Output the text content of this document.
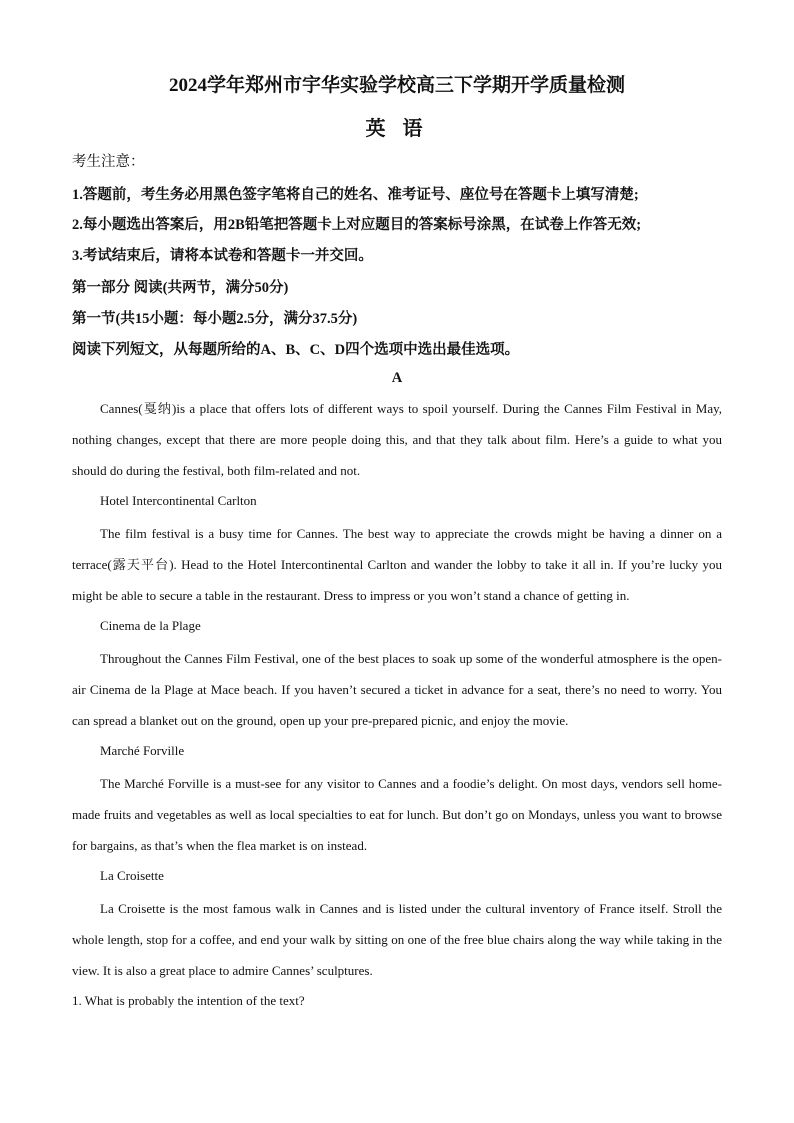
2024学年郑州市宇华实验学校高三下学期开学质量检测
英 语
考生注意：
1.答题前，考生务必用黑色签字笔将自己的姓名、准考证号、座位号在答题卡上填写清楚;
2.每小题选出答案后，用2B铅笔把答题卡上对应题目的答案标号涂黑，在试卷上作答无效;
3.考试结束后，请将本试卷和答题卡一并交回。
第一部分 阅读(共两节，满分50分)
第一节(共15小题：每小题2.5分，满分37.5分)
阅读下列短文，从每题所给的A、B、C、D四个选项中选出最佳选项。
A

Cannes(戛纳)is a place that offers lots of different ways to spoil yourself. During the Cannes Film Festival in May, nothing changes, except that there are more people doing this, and that they talk about film. Here’s a guide to what you should do during the festival, both film-related and not.

Hotel Intercontinental Carlton

The film festival is a busy time for Cannes. The best way to appreciate the crowds might be having a dinner on a terrace(露天平台). Head to the Hotel Intercontinental Carlton and wander the lobby to take it all in. If you’re lucky you might be able to secure a table in the restaurant. Dress to impress or you won’t stand a chance of getting in.

Cinema de la Plage

Throughout the Cannes Film Festival, one of the best places to soak up some of the wonderful atmosphere is the open-air Cinema de la Plage at Mace beach. If you haven’t secured a ticket in advance for a seat, there’s no need to worry. You can spread a blanket out on the ground, open up your pre-prepared picnic, and enjoy the movie.

Marché Forville

The Marché Forville is a must-see for any visitor to Cannes and a foodie’s delight. On most days, vendors sell home-made fruits and vegetables as well as local specialties to eat for lunch. But don’t go on Mondays, unless you want to browse for bargains, as that’s when the flea market is on instead.

La Croisette

La Croisette is the most famous walk in Cannes and is listed under the cultural inventory of France itself. Stroll the whole length, stop for a coffee, and end your walk by sitting on one of the free blue chairs along the way while taking in the view. It is also a great place to admire Cannes’ sculptures.

1. What is probably the intention of the text?
